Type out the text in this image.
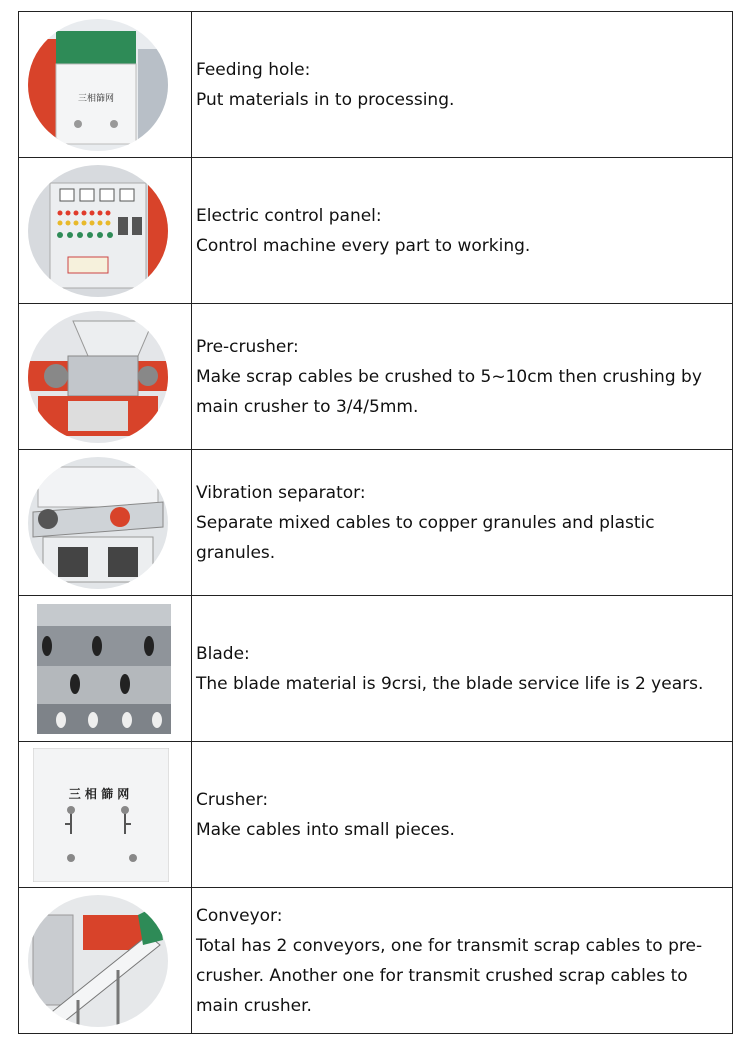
三相篩网	Feeding hole:

Put materials in to processing.

Electric control panel:

Control machine every part to working.

Pre-crusher:

Make scrap cables be crushed to 5~10cm then crushing by main crusher to 3/4/5mm.

Vibration separator:

Separate mixed cables to copper granules and plastic granules.

Blade:

The blade material is 9crsi, the blade service life is 2 years.

三 相 篩 网	Crusher:

Make cables into small pieces.

Conveyor:

Total has 2 conveyors, one for transmit scrap cables to pre-crusher. Another one for transmit crushed scrap cables to main crusher.
